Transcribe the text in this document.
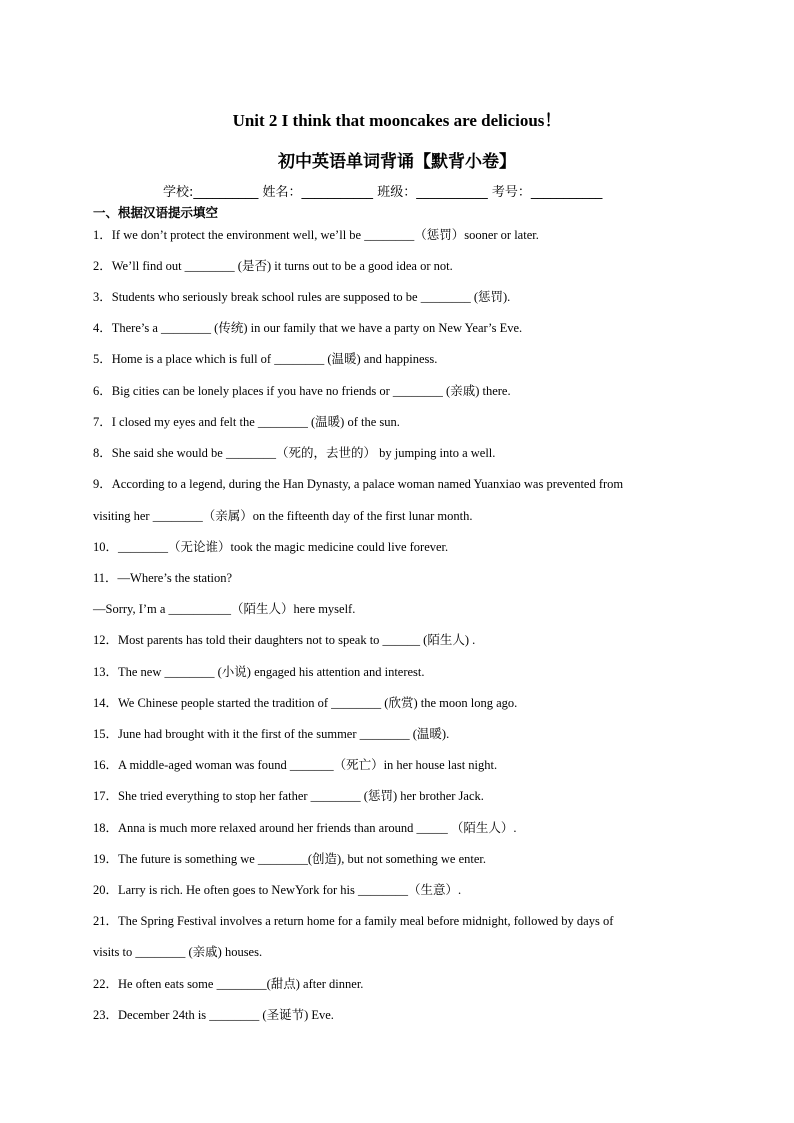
Unit 2 I think that mooncakes are delicious！
初中英语单词背诵【默背小卷】
学校:__________ 姓名：___________ 班级：___________ 考号：___________
一、根据汉语提示填空
1．If we don’t protect the environment well, we’ll be ________（惩罚）sooner or later.
2．We’ll find out ________ (是否) it turns out to be a good idea or not.
3．Students who seriously break school rules are supposed to be ________ (惩罚).
4．There’s a ________ (传统) in our family that we have a party on New Year’s Eve.
5．Home is a place which is full of ________ (温暖) and happiness.
6．Big cities can be lonely places if you have no friends or ________ (亲戚) there.
7．I closed my eyes and felt the ________ (温暖) of the sun.
8．She said she would be ________（死的，去世的） by jumping into a well.
9．According to a legend, during the Han Dynasty, a palace woman named Yuanxiao was prevented from
visiting her ________（亲属）on the fifteenth day of the first lunar month.
10．________（无论谁）took the magic medicine could live forever.
11．—Where’s the station?
—Sorry, I’m a __________（陌生人）here myself.
12．Most parents has told their daughters not to speak to ______ (陌生人) .
13．The new ________ (小说) engaged his attention and interest.
14．We Chinese people started the tradition of ________ (欣赏) the moon long ago.
15．June had brought with it the first of the summer ________ (温暖).
16．A middle-aged woman was found _______（死亡）in her house last night.
17．She tried everything to stop her father ________ (惩罚) her brother Jack.
18．Anna is much more relaxed around her friends than around _____ （陌生人）.
19．The future is something we ________(创造), but not something we enter.
20．Larry is rich. He often goes to NewYork for his ________（生意）.
21．The Spring Festival involves a return home for a family meal before midnight, followed by days of
visits to ________ (亲戚) houses.
22．He often eats some ________(甜点) after dinner.
23．December 24th is ________ (圣诞节) Eve.
